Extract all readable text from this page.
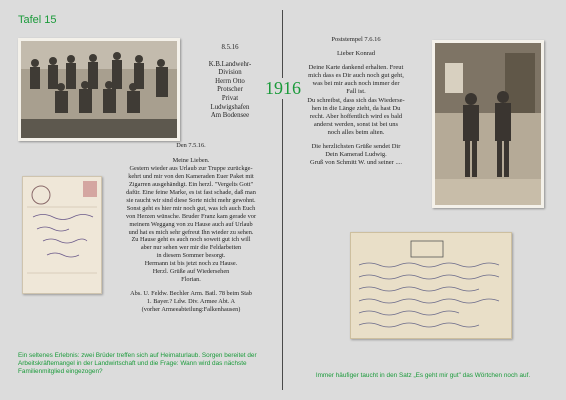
Tafel 15
1916
8.5.16
K.B.Landwehr-
Division
Herrn Otto
Protscher
Privat
Ludwigshafen
Am Bodensee
Poststempel 7.6.16
Lieber Konrad
Deine Karte dankend erhalten. Freut
mich dass es Dir auch noch gut geht,
was bei mir auch noch immer der
Fall ist.
Du schreibst, dass sich das Wiederse-
hen in die Länge zieht, da hast Du
recht. Aber hoffentlich wird es bald
anderst werden, sonst ist bei uns
noch alles beim alten.
Die herzlichsten Grüße sendet Dir
Dein Kamerad Ludwig.
Gruß von Schmitt W. und seiner ....
Den 7.5.16.
Meine Lieben.
Gestern wieder aus Urlaub zur Truppe zurückge-
kehrt und mir von den Kameraden Euer Paket mit
Zigarren ausgehändigt. Ein herzl. "Vergelts Gott"
dafür. Eine feine Marke, es ist fast schade, daß man
sie raucht wir sind diese Sorte nicht mehr gewohnt.
Sonst geht es hier mir noch gut, was ich auch Euch
von Herzen wünsche. Bruder Franz kam gerade vor
meinem Weggang von zu Hause auch auf Urlaub
und hat es mich sehr gefreut Ihn wieder zu sehen.
Zu Hause geht es auch noch soweit gut ich will
aber nur sehen wer mir die Feldarbeiten
in diesem Sommer besorgt.
Hermann ist bis jetzt noch zu Hause.
Herzl. Grüße auf Wiedersehen
Florian.
Abs. U. Feldw. Bechler Arm. Batl. 78 beim Stab
1. Bayer.? Ldw. Div. Armee Abt. A
(vorher Armeeabteilung:Falkenhausen)
Ein seltenes Erlebnis: zwei Brüder treffen sich auf Heimaturlaub. Sorgen bereitet der Arbeitskräftemangel in der Landwirtschaft und die Frage: Wann wird das nächste Familienmitglied eingezogen?
Immer häufiger taucht in den Satz „Es geht mir gut" das Wörtchen noch auf.
